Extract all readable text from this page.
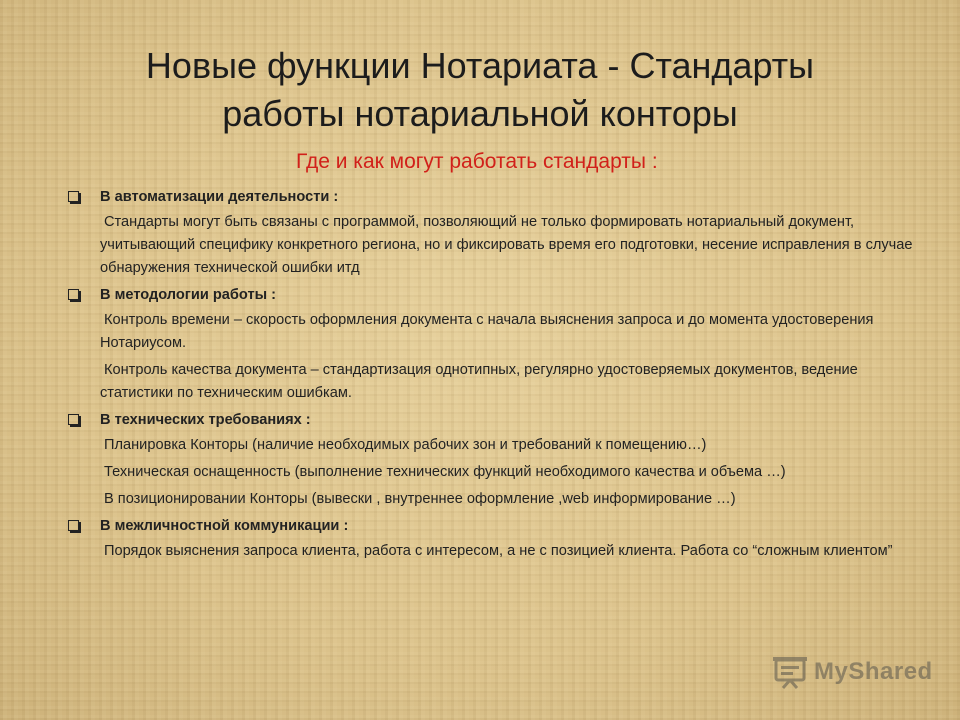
Новые функции Нотариата - Стандарты
работы нотариальной конторы
Где и как могут работать стандарты :
В автоматизации деятельности :

Стандарты могут быть связаны с программой, позволяющий не только формировать нотариальный документ, учитывающий специфику конкретного региона, но и фиксировать время его подготовки, несение исправления в случае обнаружения технической ошибки итд

В методологии работы :

Контроль времени – скорость оформления документа с начала выяснения запроса и до момента удостоверения Нотариусом.

Контроль качества документа – стандартизация однотипных, регулярно удостоверяемых документов, ведение статистики по техническим ошибкам.

В технических требованиях :

Планировка Конторы (наличие необходимых рабочих зон и требований к помещению…)

Техническая оснащенность (выполнение технических функций необходимого качества и объема …)

В позиционировании Конторы (вывески , внутреннее оформление ,web информирование …)

В межличностной коммуникации :

Порядок выяснения запроса клиента, работа с интересом, а не с позицией клиента. Работа со “сложным клиентом”

MyShared
